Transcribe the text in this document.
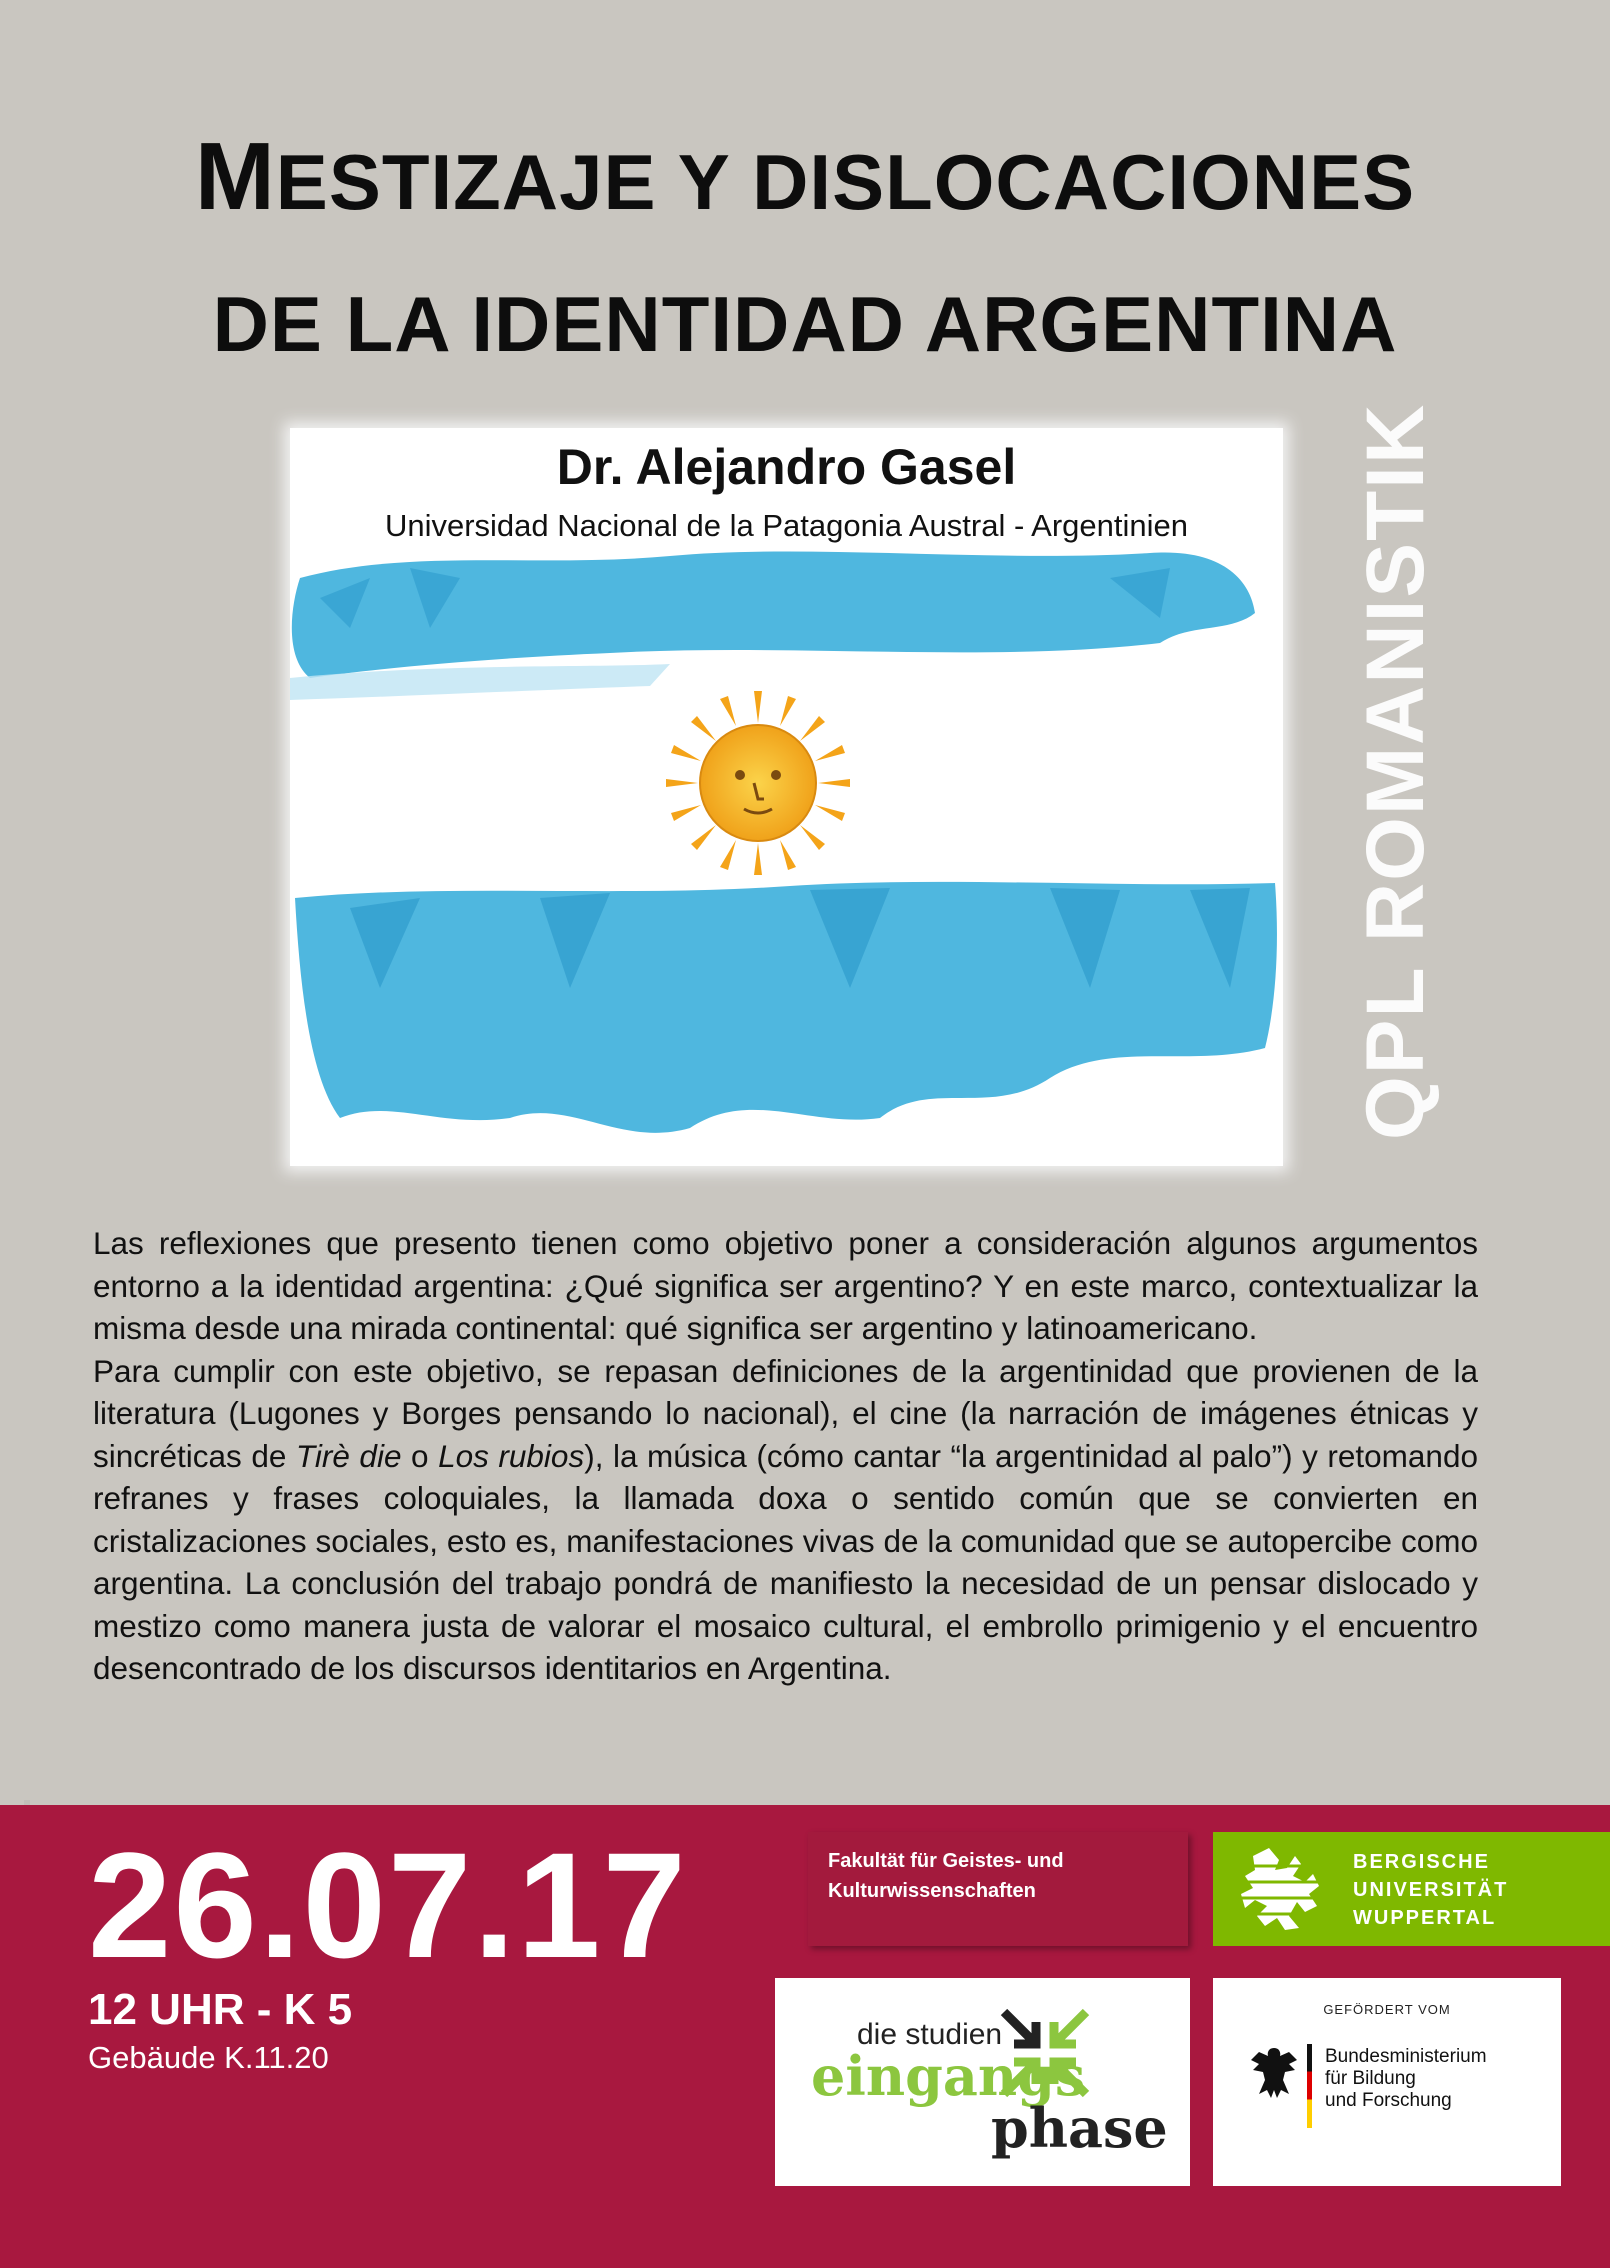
MESTIZAJE Y DISLOCACIONES
DE LA IDENTIDAD ARGENTINA
Dr. Alejandro Gasel
Universidad Nacional de la Patagonia Austral - Argentinien	QPL ROMANISTIK

Las reflexiones que presento tienen como objetivo poner a consideración algunos argumentos entorno a la identidad argentina: ¿Qué significa ser argentino? Y en este marco, contextualizar la misma desde una mirada continental: qué significa ser argentino y latinoamericano.

Para cumplir con este objetivo, se repasan definiciones de la argentinidad que provienen de la literatura (Lugones y Borges pensando lo nacional), el cine (la narración de imágenes étnicas y sincréticas de Tirè die o Los rubios), la música (cómo cantar “la argentinidad al palo”) y retomando refranes y frases coloquiales, la llamada doxa o sentido común que se convierten en cristalizaciones sociales, esto es, manifestaciones vivas de la comunidad que se autopercibe como argentina. La conclusión del trabajo pondrá de manifiesto la necesidad de un pensar dislocado y mestizo como manera justa de valorar el mosaico cultural, el embrollo primigenio y el encuentro desencontrado de los discursos identitarios en Argentina.

26.07.17
12 UHR - K 5
Gebäude K.11.20
Fakultät für Geistes- und
Kulturwissenschaften
BERGISCHE
UNIVERSITÄT
WUPPERTAL
die studien
eingangs
phase
GEFÖRDERT VOM
Bundesministerium
für Bildung
und Forschung
